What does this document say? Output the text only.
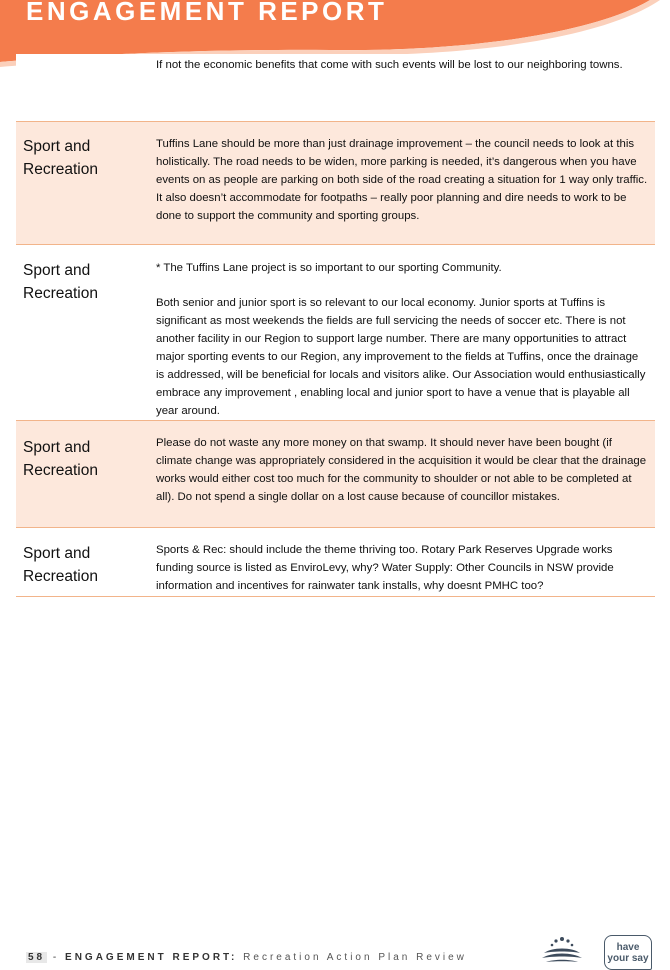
ENGAGEMENT REPORT

If not the economic benefits that come with such events will be lost to our neighboring towns.

Sport and Recreation

Tuffins Lane should be more than just drainage improvement – the council needs to look at this holistically. The road needs to be widen, more parking is needed, it’s dangerous when you have events on as people are parking on both side of the road creating a situation for 1 way only traffic. It also doesn’t accommodate for footpaths – really poor planning and dire needs to work to be done to support the community and sporting groups.

Sport and Recreation

* The Tuffins Lane project is so important to our sporting Community.

Both senior and junior sport is so relevant to our local economy. Junior sports at Tuffins is significant as most weekends the fields are full servicing the needs of soccer etc. There is not another facility in our Region to support large number. There are many opportunities to attract major sporting events to our Region, any improvement to the fields at Tuffins, once the drainage is addressed, will be beneficial for locals and visitors alike. Our Association would enthusiastically embrace any improvement , enabling local and junior sport to have a venue that is playable all year around.

Sport and Recreation

Please do not waste any more money on that swamp. It should never have been bought (if climate change was appropriately considered in the acquisition it would be clear that the drainage works would either cost too much for the community to shoulder or not able to be completed at all). Do not spend a single dollar on a lost cause because of councillor mistakes.

Sport and Recreation

Sports & Rec: should include the theme thriving too. Rotary Park Reserves Upgrade works funding source is listed as EnviroLevy, why? Water Supply: Other Councils in NSW provide information and incentives for rainwater tank installs, why doesnt PMHC too?

58 - ENGAGEMENT REPORT: Recreation Action Plan Review
have
your say
